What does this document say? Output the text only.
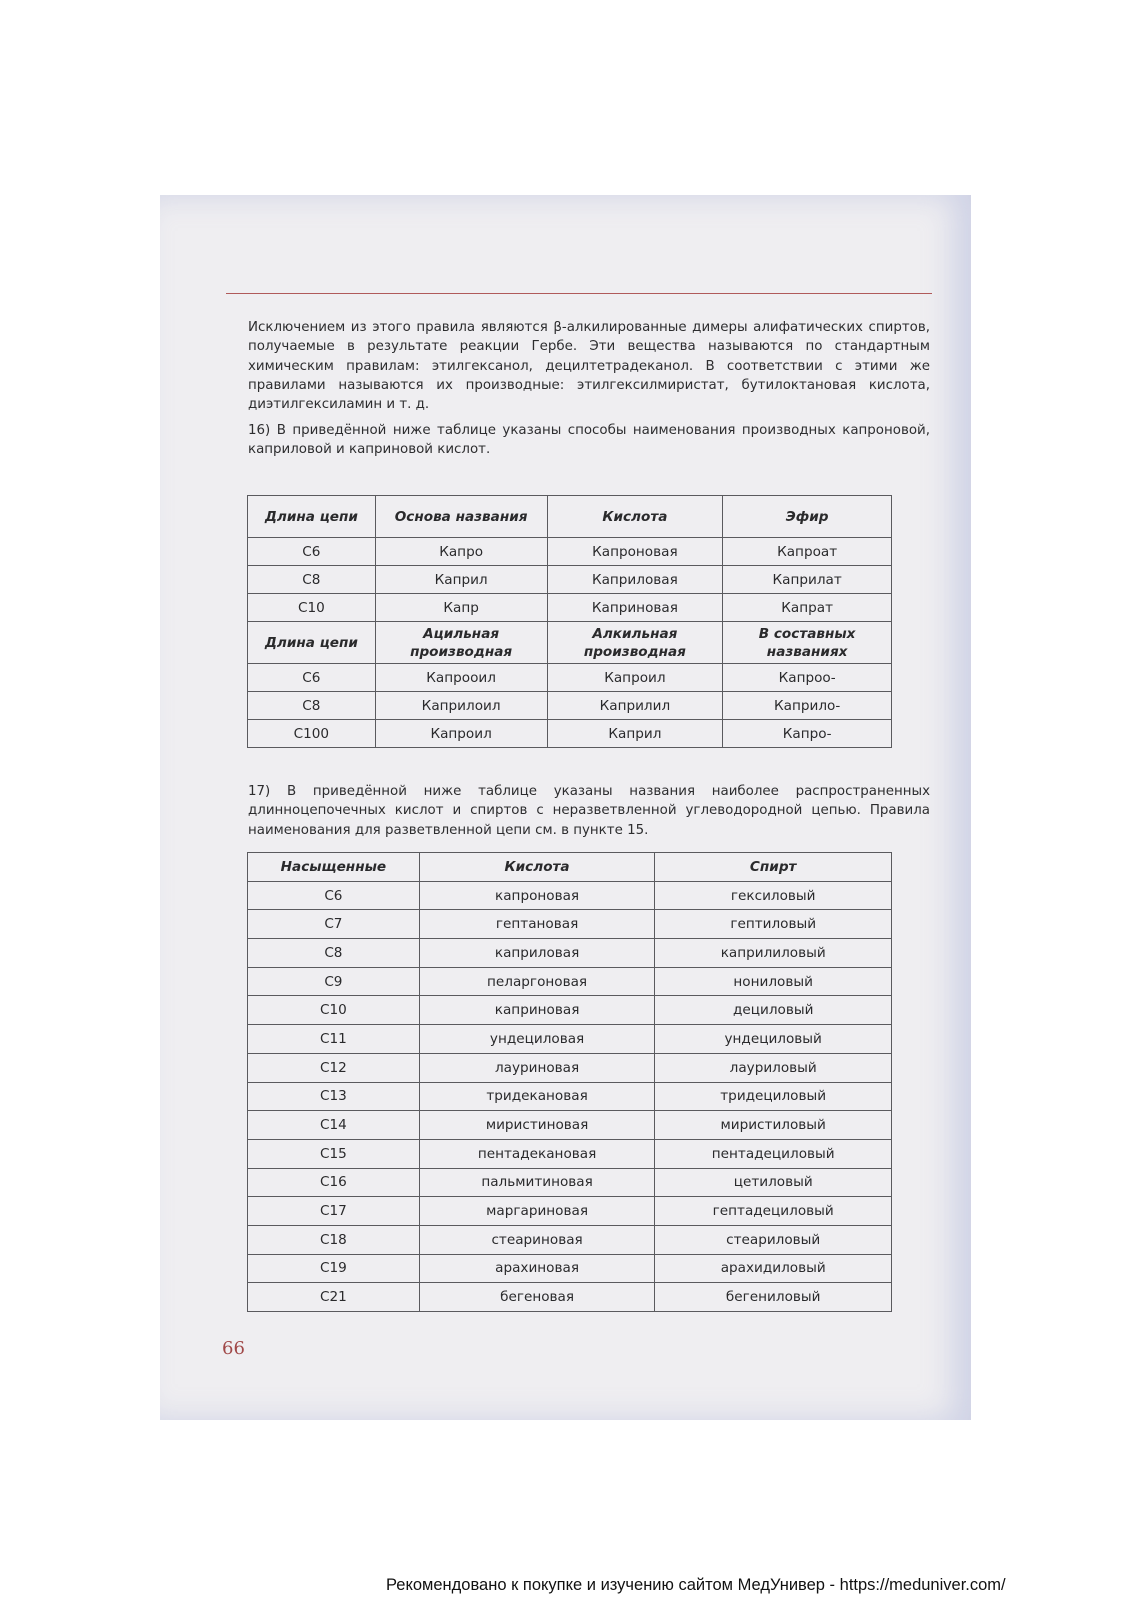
Исключением из этого правила являются β-алкилированные димеры алифатических спиртов, получаемые в результате реакции Гербе. Эти вещества называются по стандартным химическим правилам: этилгексанол, децилтетрадеканол. В соответствии с этими же правилами называются их производные: этилгексилмиристат, бутилоктановая кислота, диэтилгексиламин и т. д.

16) В приведённой ниже таблице указаны способы наименования производных капроновой, каприловой и каприновой кислот.

Длина цепи	Основа названия	Кислота	Эфир
C6	Капро	Капроновая	Капроат
C8	Каприл	Каприловая	Каприлат
C10	Капр	Каприновая	Капрат
Длина цепи	Ацильная производная	Алкильная производная	В составных названиях
C6	Капроoил	Капроил	Капроо-
C8	Каприлоил	Каприлил	Каприло-
C100	Капроил	Каприл	Капро-

17) В приведённой ниже таблице указаны названия наиболее распространенных длинноцепочечных кислот и спиртов с неразветвленной углеводородной цепью. Правила наименования для разветвленной цепи см. в пункте 15.

Насыщенные	Кислота	Спирт
C6	капроновая	гексиловый
C7	гептановая	гептиловый
C8	каприловая	каприлиловый
C9	пеларгоновая	нониловый
C10	каприновая	дециловый
C11	ундециловая	ундециловый
C12	лауриновая	лауриловый
C13	тридекановая	тридециловый
C14	миристиновая	миристиловый
C15	пентадекановая	пентадециловый
C16	пальмитиновая	цетиловый
C17	маргариновая	гептадециловый
C18	стеариновая	стеариловый
C19	арахиновая	арахидиловый
C21	бегеновая	бегениловый
66
Рекомендовано к покупке и изучению сайтом МедУнивер - https://meduniver.com/
